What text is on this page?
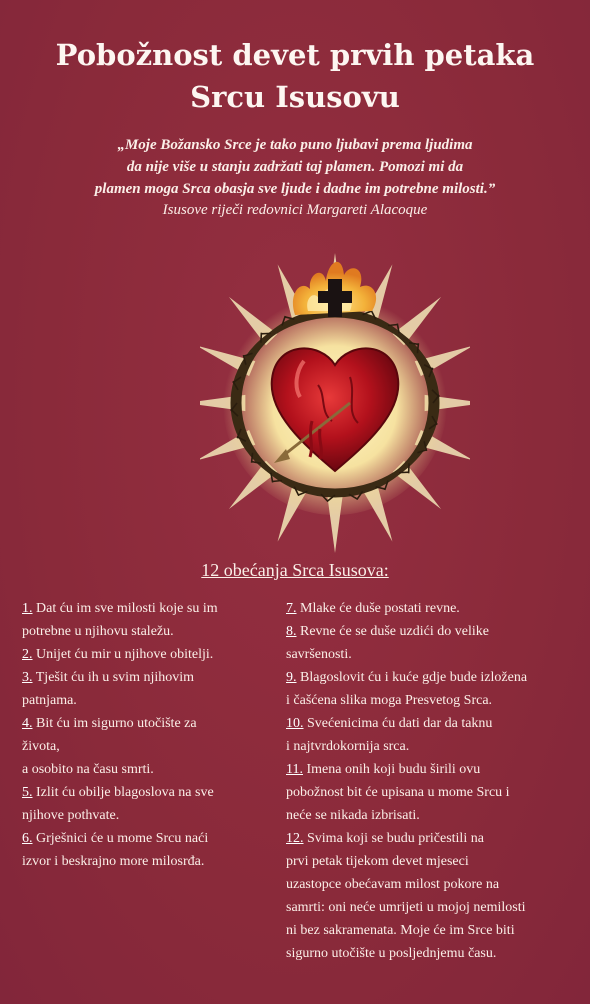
Pobožnost devet prvih petaka
Srcu Isusovu
„Moje Božansko Srce je tako puno ljubavi prema ljudima
da nije više u stanju zadržati taj plamen. Pomozi mi da
plamen moga Srca obasja sve ljude i dadne im potrebne milosti.”
Isusove riječi redovnici Margareti Alacoque
12 obećanja Srca Isusova:
1. Dat ću im sve milosti koje su im
potrebne u njihovu staležu.
2. Unijet ću mir u njihove obitelji.
3. Tješit ću ih u svim njihovim
patnjama.
4. Bit ću im sigurno utočište za
života,
a osobito na času smrti.
5. Izlit ću obilje blagoslova na sve
njihove pothvate.
6. Grješnici će u mome Srcu naći
izvor i beskrajno more milosrđa.
7. Mlake će duše postati revne.
8. Revne će se duše uzdići do velike
savršenosti.
9. Blagoslovit ću i kuće gdje bude izložena
i čašćena slika moga Presvetog Srca.
10. Svećenicima ću dati dar da taknu
i najtvrdokornija srca.
11. Imena onih koji budu širili ovu
pobožnost bit će upisana u mome Srcu i
neće se nikada izbrisati.
12. Svima koji se budu pričestili na
prvi petak tijekom devet mjeseci
uzastopce obećavam milost pokore na
samrti: oni neće umrijeti u mojoj nemilosti
ni bez sakramenata. Moje će im Srce biti
sigurno utočište u posljednjemu času.
